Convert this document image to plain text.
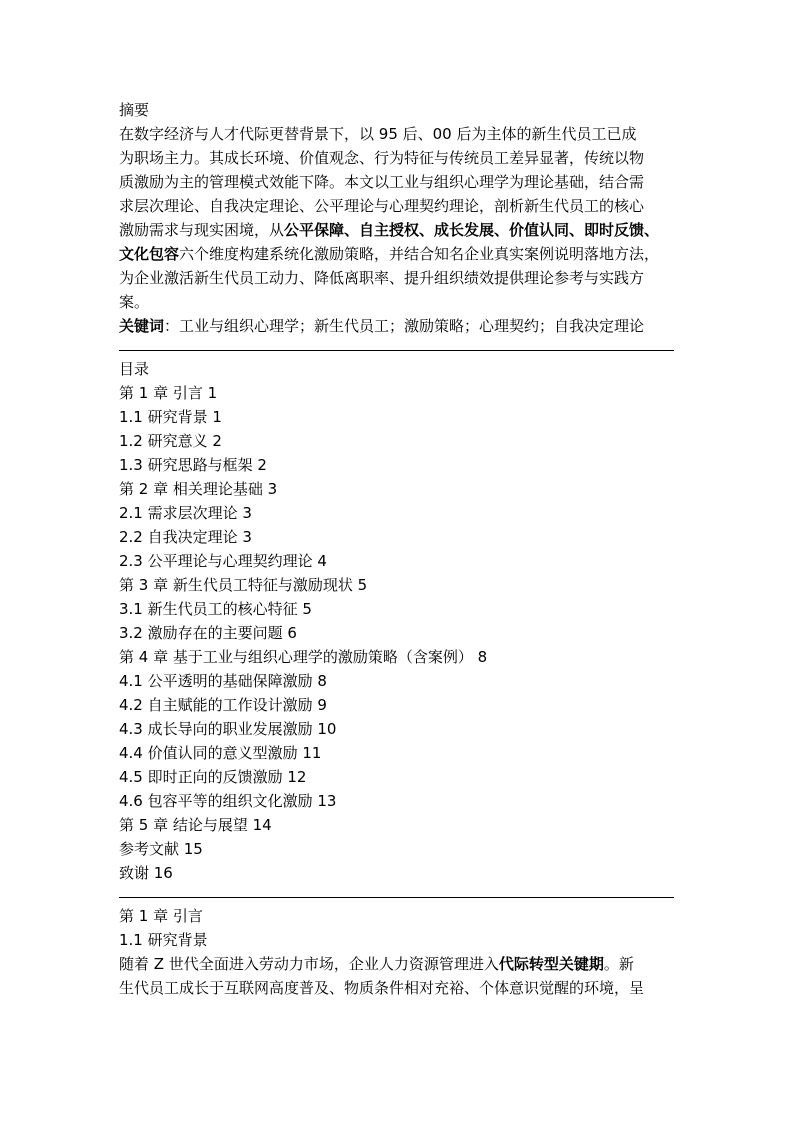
摘要
在数字经济与人才代际更替背景下，以 95 后、00 后为主体的新生代员工已成
为职场主力。其成长环境、价值观念、行为特征与传统员工差异显著，传统以物
质激励为主的管理模式效能下降。本文以工业与组织心理学为理论基础，结合需
求层次理论、自我决定理论、公平理论与心理契约理论，剖析新生代员工的核心
激励需求与现实困境，从公平保障、自主授权、成长发展、价值认同、即时反馈、
文化包容六个维度构建系统化激励策略，并结合知名企业真实案例说明落地方法，
为企业激活新生代员工动力、降低离职率、提升组织绩效提供理论参考与实践方
案。
关键词：工业与组织心理学；新生代员工；激励策略；心理契约；自我决定理论
目录
第 1 章 引言 1
1.1 研究背景 1
1.2 研究意义 2
1.3 研究思路与框架 2
第 2 章 相关理论基础 3
2.1 需求层次理论 3
2.2 自我决定理论 3
2.3 公平理论与心理契约理论 4
第 3 章 新生代员工特征与激励现状 5
3.1 新生代员工的核心特征 5
3.2 激励存在的主要问题 6
第 4 章 基于工业与组织心理学的激励策略（含案例） 8
4.1 公平透明的基础保障激励 8
4.2 自主赋能的工作设计激励 9
4.3 成长导向的职业发展激励 10
4.4 价值认同的意义型激励 11
4.5 即时正向的反馈激励 12
4.6 包容平等的组织文化激励 13
第 5 章 结论与展望 14
参考文献 15
致谢 16
第 1 章 引言
1.1 研究背景
随着 Z 世代全面进入劳动力市场，企业人力资源管理进入代际转型关键期。新
生代员工成长于互联网高度普及、物质条件相对充裕、个体意识觉醒的环境，呈
